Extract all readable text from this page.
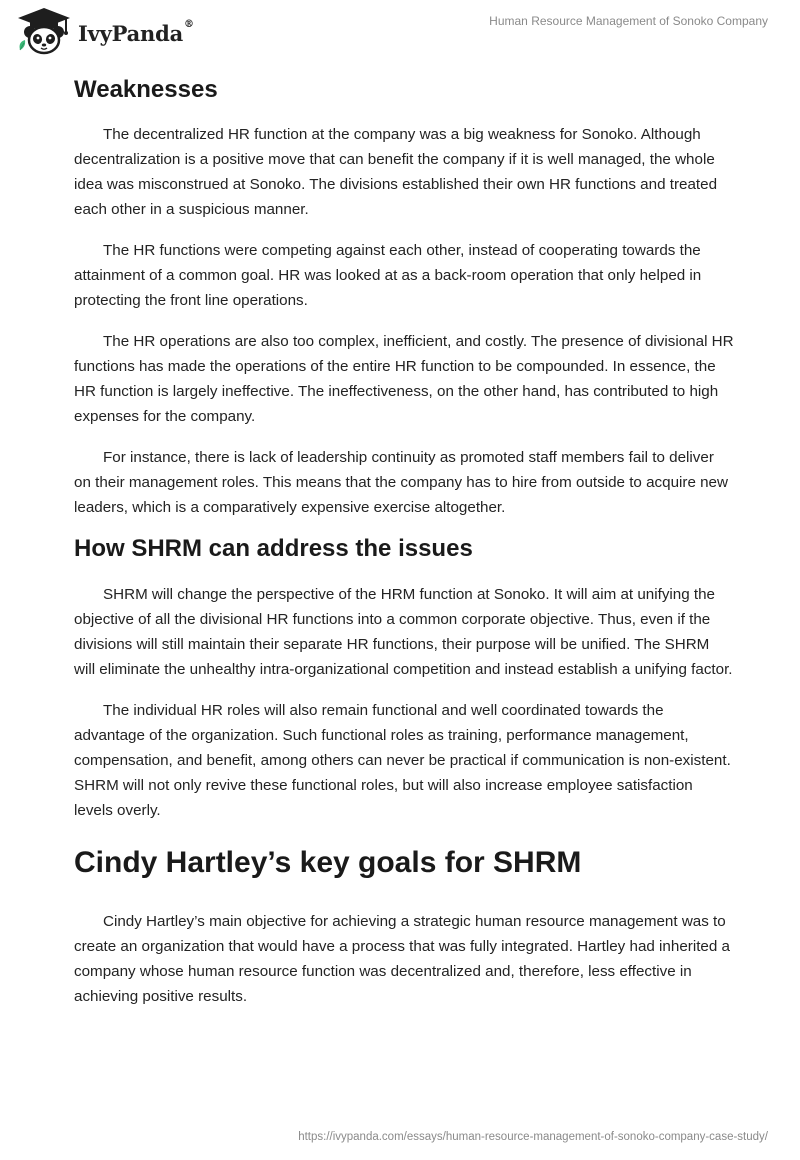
IvyPanda®	Human Resource Management of Sonoko Company
Weaknesses

The decentralized HR function at the company was a big weakness for Sonoko. Although decentralization is a positive move that can benefit the company if it is well managed, the whole idea was misconstrued at Sonoko. The divisions established their own HR functions and treated each other in a suspicious manner.

The HR functions were competing against each other, instead of cooperating towards the attainment of a common goal. HR was looked at as a back-room operation that only helped in protecting the front line operations.

The HR operations are also too complex, inefficient, and costly. The presence of divisional HR functions has made the operations of the entire HR function to be compounded. In essence, the HR function is largely ineffective. The ineffectiveness, on the other hand, has contributed to high expenses for the company.

For instance, there is lack of leadership continuity as promoted staff members fail to deliver on their management roles. This means that the company has to hire from outside to acquire new leaders, which is a comparatively expensive exercise altogether.

How SHRM can address the issues

SHRM will change the perspective of the HRM function at Sonoko. It will aim at unifying the objective of all the divisional HR functions into a common corporate objective. Thus, even if the divisions will still maintain their separate HR functions, their purpose will be unified. The SHRM will eliminate the unhealthy intra-organizational competition and instead establish a unifying factor.

The individual HR roles will also remain functional and well coordinated towards the advantage of the organization. Such functional roles as training, performance management, compensation, and benefit, among others can never be practical if communication is non-existent. SHRM will not only revive these functional roles, but will also increase employee satisfaction levels overly.

Cindy Hartley’s key goals for SHRM

Cindy Hartley’s main objective for achieving a strategic human resource management was to create an organization that would have a process that was fully integrated. Hartley had inherited a company whose human resource function was decentralized and, therefore, less effective in achieving positive results.

https://ivypanda.com/essays/human-resource-management-of-sonoko-company-case-study/
